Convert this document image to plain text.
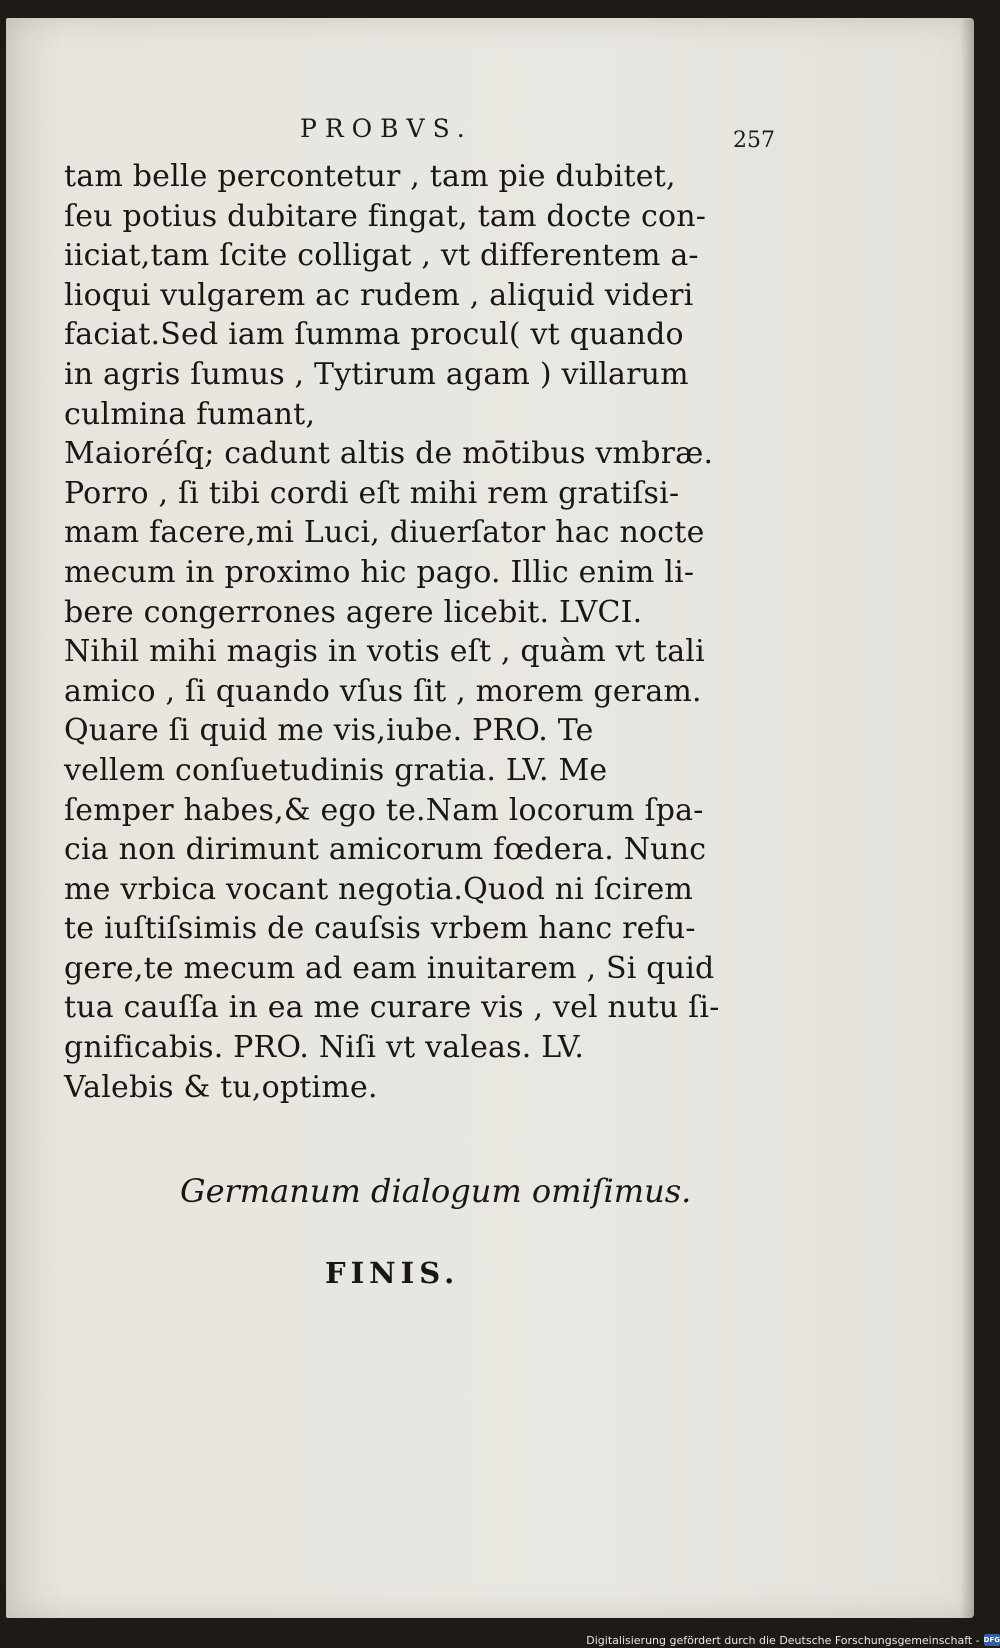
PROBVS.	257
tam belle percontetur , tam pie dubitet,
ſeu potius dubitare fingat, tam docte con-
iiciat,tam ſcite colligat , vt differentem a-
lioqui vulgarem ac rudem , aliquid videri
faciat.Sed iam ſumma procul( vt quando
in agris ſumus , Tytirum agam ) villarum
culmina fumant,
Maioréſq; cadunt altis de mōtibus vmbræ.
Porro , ſi tibi cordi eſt mihi rem gratiſsi-
mam facere,mi Luci, diuerſator hac nocte
mecum in proximo hic pago. Illic enim li-
bere congerrones agere licebit. LVCI.
Nihil mihi magis in votis eſt , quàm vt tali
amico , ſi quando vſus ſit , morem geram.
Quare ſi quid me vis,iube. PRO. Te
vellem conſuetudinis gratia. LV. Me
ſemper habes,& ego te.Nam locorum ſpa-
cia non dirimunt amicorum fœdera. Nunc
me vrbica vocant negotia.Quod ni ſcirem
te iuſtiſsimis de cauſsis vrbem hanc refu-
gere,te mecum ad eam inuitarem , Si quid
tua cauſſa in ea me curare vis , vel nutu ſi-
gnificabis. PRO. Niſi vt valeas. LV.
Valebis & tu,optime.
Germanum dialogum omiſimus.
FINIS.
Digitalisierung gefördert durch die Deutsche Forschungsgemeinschaft - DFG
